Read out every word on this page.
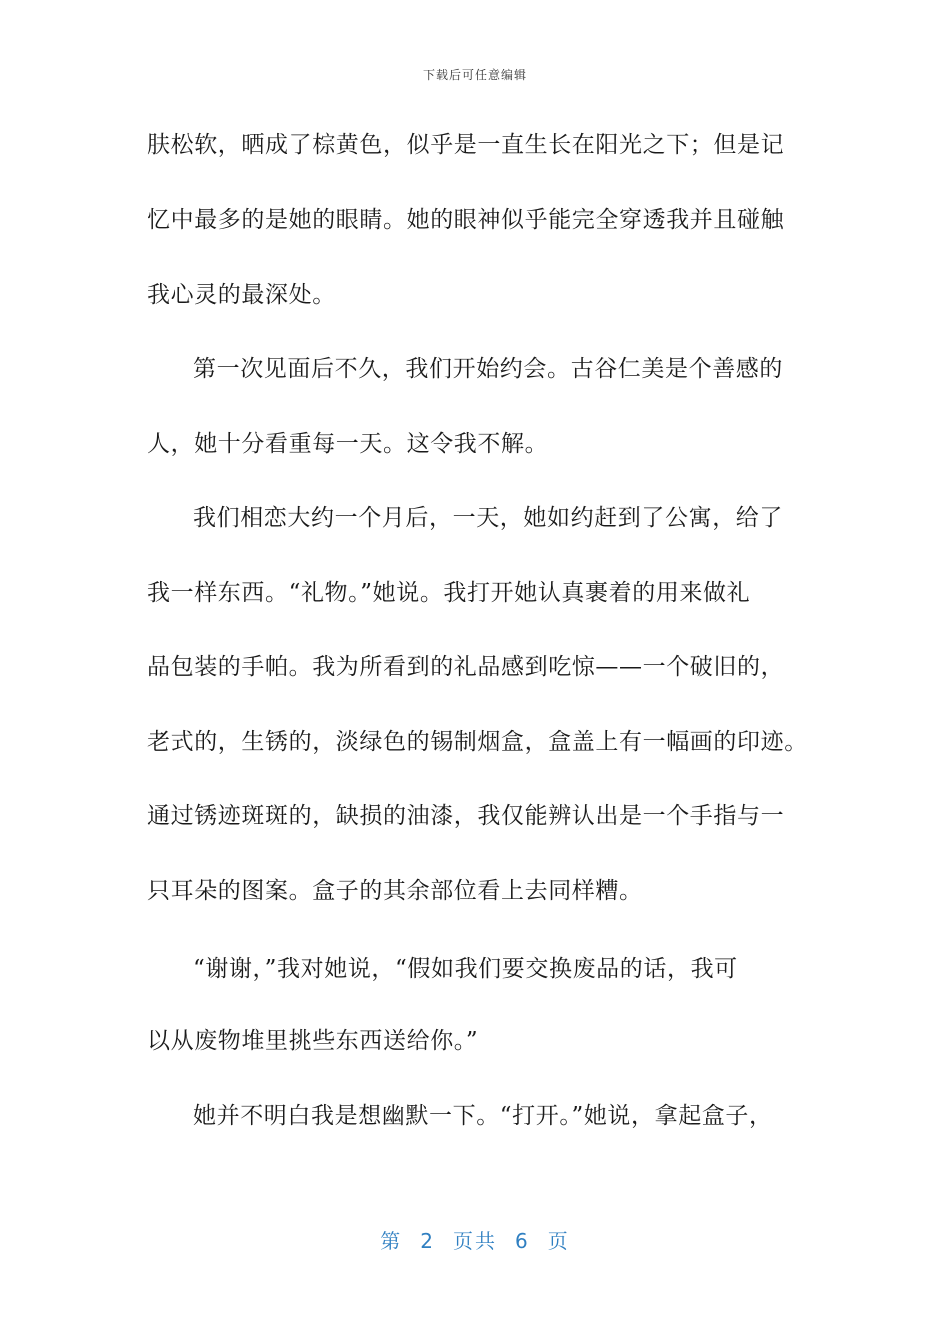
下载后可任意编辑
肤松软，晒成了棕黄色，似乎是一直生长在阳光之下；但是记
忆中最多的是她的眼睛。她的眼神似乎能完全穿透我并且碰触
我心灵的最深处。
第一次见面后不久，我们开始约会。古谷仁美是个善感的
人，她十分看重每一天。这令我不解。
我们相恋大约一个月后，一天，她如约赶到了公寓，给了
我一样东西。“礼物。”她说。我打开她认真裹着的用来做礼
品包装的手帕。我为所看到的礼品感到吃惊——一个破旧的，
老式的，生锈的，淡绿色的锡制烟盒，盒盖上有一幅画的印迹。
通过锈迹斑斑的，缺损的油漆，我仅能辨认出是一个手指与一
只耳朵的图案。盒子的其余部位看上去同样糟。
“谢谢，”我对她说，“假如我们要交换废品的话，我可
以从废物堆里挑些东西送给你。”
她并不明白我是想幽默一下。“打开。”她说，拿起盒子，
第 2 页共 6 页
